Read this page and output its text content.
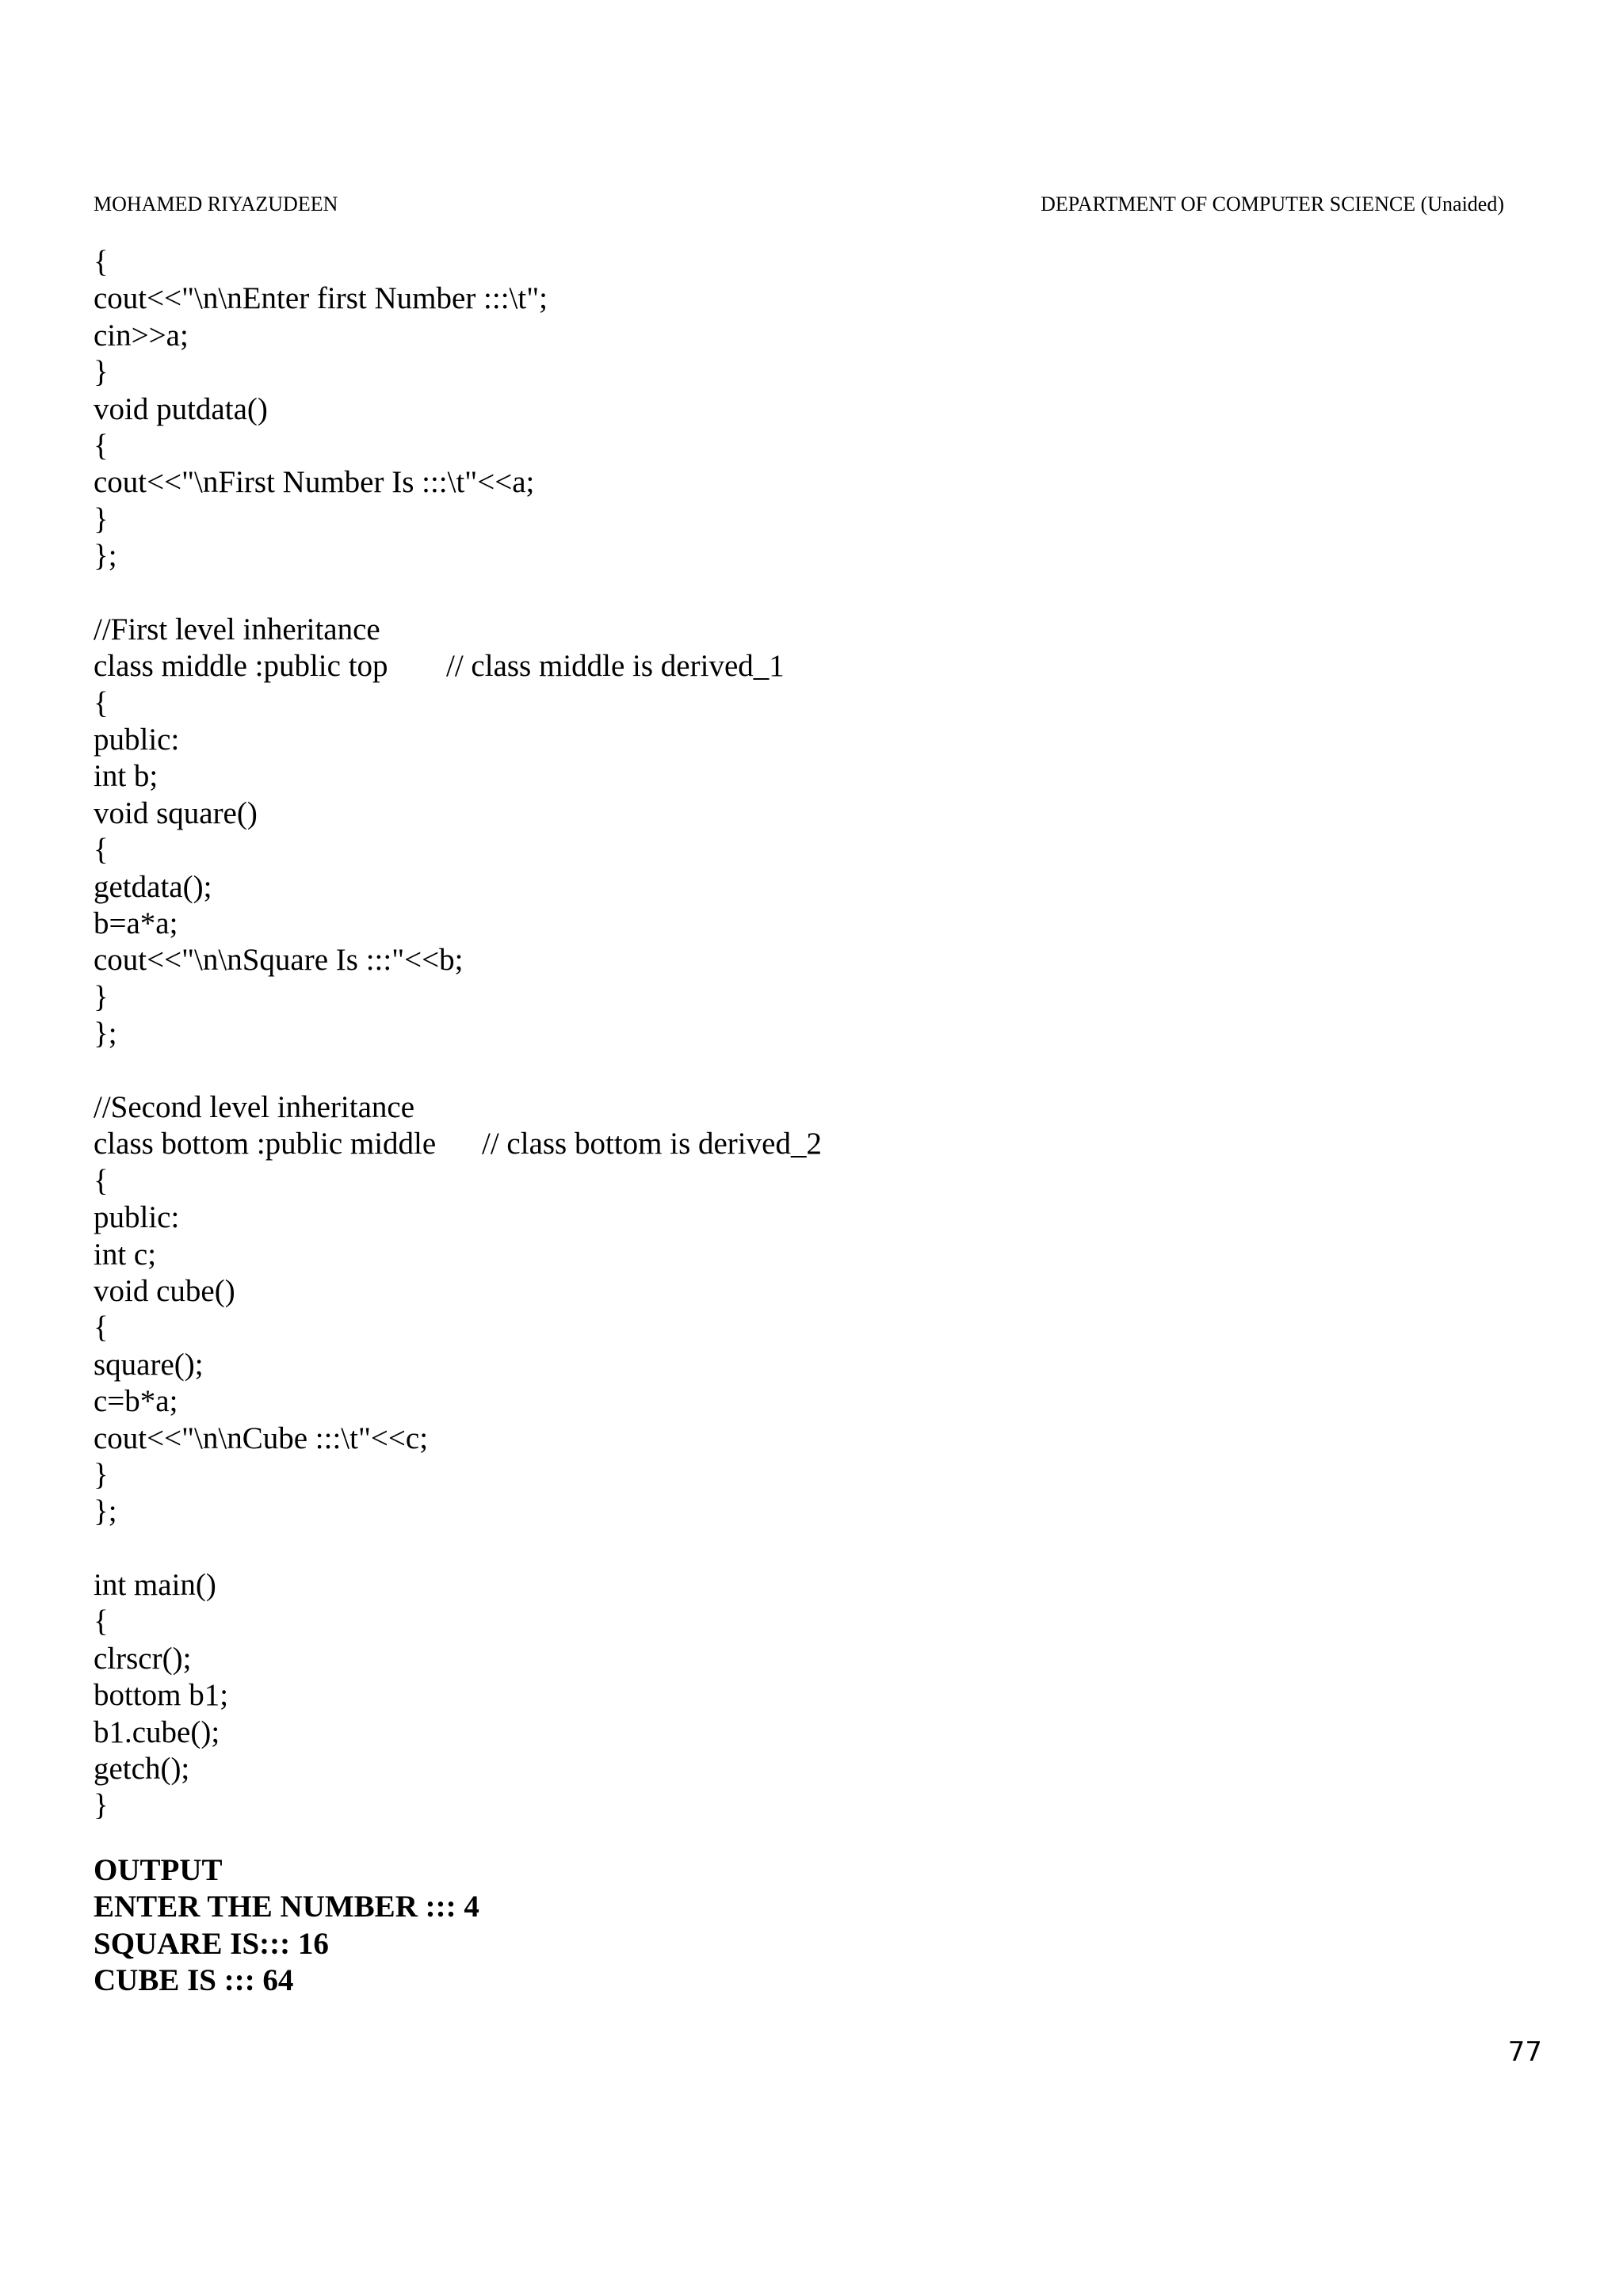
MOHAMED RIYAZUDEEN	DEPARTMENT OF COMPUTER SCIENCE (Unaided)
{
cout<<"\n\nEnter first Number :::\t";
cin>>a;
}
void putdata()
{
cout<<"\nFirst Number Is :::\t"<<a;
}
};
//First level inheritance
class middle :public top // class middle is derived_1
{
public:
int b;
void square()
{
getdata();
b=a*a;
cout<<"\n\nSquare Is :::"<<b;
}
};
//Second level inheritance
class bottom :public middle // class bottom is derived_2
{
public:
int c;
void cube()
{
square();
c=b*a;
cout<<"\n\nCube :::\t"<<c;
}
};
int main()
{
clrscr();
bottom b1;
b1.cube();
getch();
}
OUTPUT
ENTER THE NUMBER ::: 4
SQUARE IS::: 16
CUBE IS ::: 64
77
